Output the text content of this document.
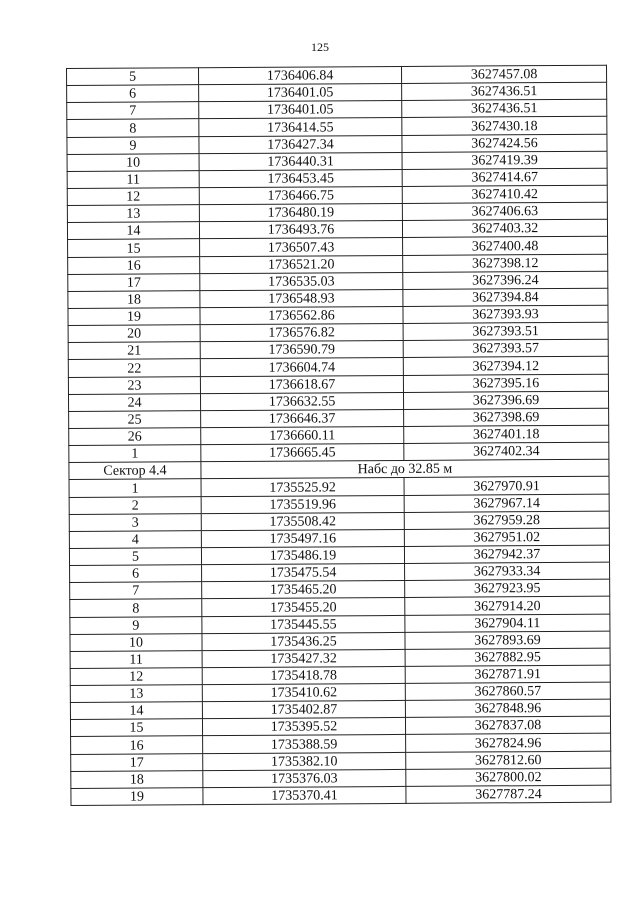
125
5	1736406.84	3627457.08
6	1736401.05	3627436.51
7	1736401.05	3627436.51
8	1736414.55	3627430.18
9	1736427.34	3627424.56
10	1736440.31	3627419.39
11	1736453.45	3627414.67
12	1736466.75	3627410.42
13	1736480.19	3627406.63
14	1736493.76	3627403.32
15	1736507.43	3627400.48
16	1736521.20	3627398.12
17	1736535.03	3627396.24
18	1736548.93	3627394.84
19	1736562.86	3627393.93
20	1736576.82	3627393.51
21	1736590.79	3627393.57
22	1736604.74	3627394.12
23	1736618.67	3627395.16
24	1736632.55	3627396.69
25	1736646.37	3627398.69
26	1736660.11	3627401.18
1	1736665.45	3627402.34
Сектор 4.4	Набс до 32.85 м	
1	1735525.92	3627970.91
2	1735519.96	3627967.14
3	1735508.42	3627959.28
4	1735497.16	3627951.02
5	1735486.19	3627942.37
6	1735475.54	3627933.34
7	1735465.20	3627923.95
8	1735455.20	3627914.20
9	1735445.55	3627904.11
10	1735436.25	3627893.69
11	1735427.32	3627882.95
12	1735418.78	3627871.91
13	1735410.62	3627860.57
14	1735402.87	3627848.96
15	1735395.52	3627837.08
16	1735388.59	3627824.96
17	1735382.10	3627812.60
18	1735376.03	3627800.02
19	1735370.41	3627787.24
